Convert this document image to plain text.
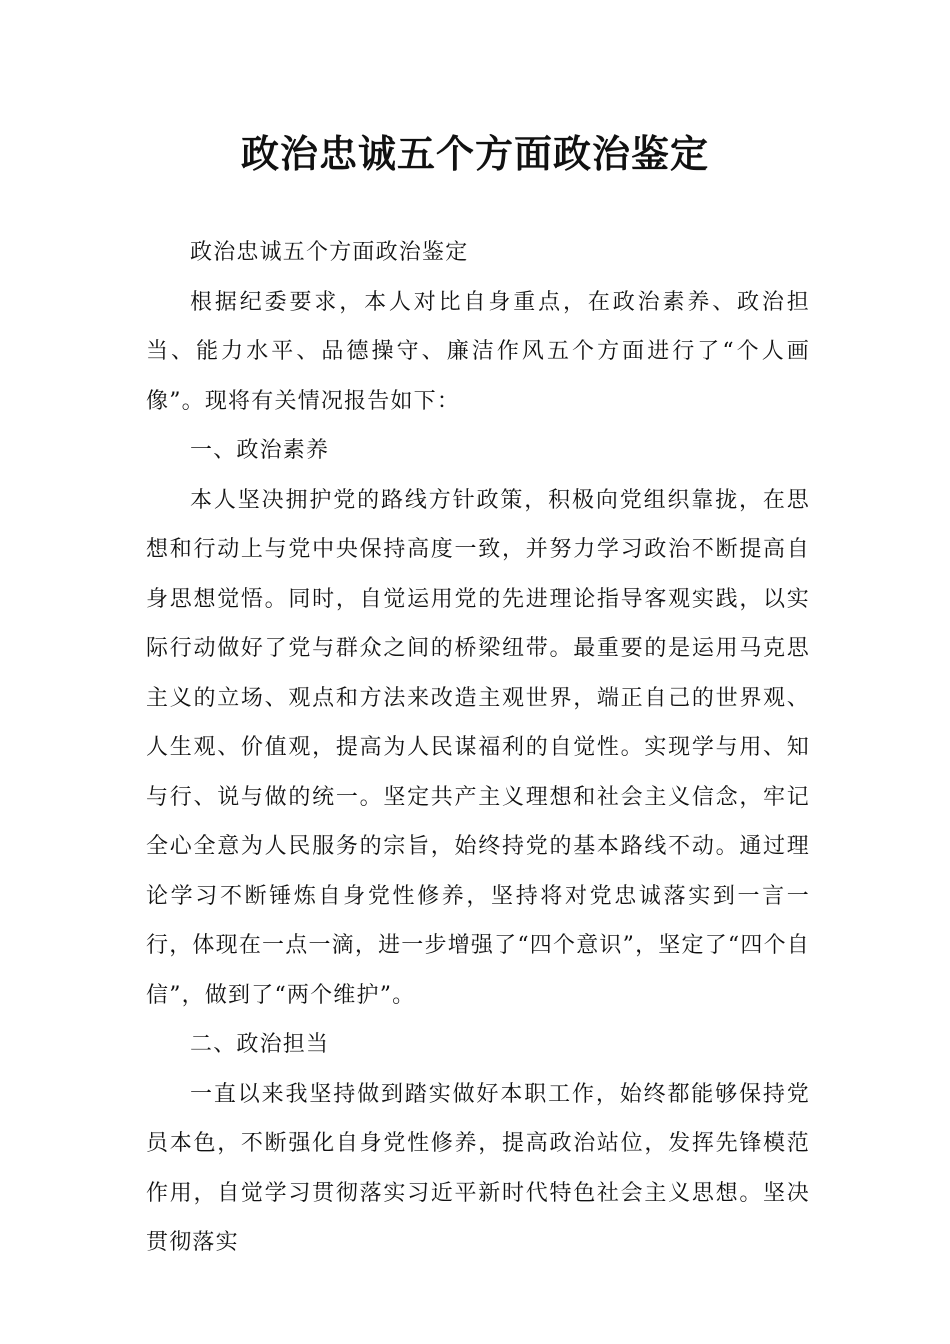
政治忠诚五个方面政治鉴定

政治忠诚五个方面政治鉴定

根据纪委要求，本人对比自身重点，在政治素养、政治担当、能力水平、品德操守、廉洁作风五个方面进行了“个人画像”。现将有关情况报告如下：

一、政治素养

本人坚决拥护党的路线方针政策，积极向党组织靠拢，在思想和行动上与党中央保持高度一致，并努力学习政治不断提高自身思想觉悟。同时，自觉运用党的先进理论指导客观实践，以实际行动做好了党与群众之间的桥梁纽带。最重要的是运用马克思主义的立场、观点和方法来改造主观世界，端正自己的世界观、人生观、价值观，提高为人民谋福利的自觉性。实现学与用、知与行、说与做的统一。坚定共产主义理想和社会主义信念，牢记全心全意为人民服务的宗旨，始终持党的基本路线不动。通过理论学习不断锤炼自身党性修养，坚持将对党忠诚落实到一言一行，体现在一点一滴，进一步增强了“四个意识”，坚定了“四个自信”，做到了“两个维护”。

二、政治担当

一直以来我坚持做到踏实做好本职工作，始终都能够保持党员本色，不断强化自身党性修养，提高政治站位，发挥先锋模范作用，自觉学习贯彻落实习近平新时代特色社会主义思想。坚决贯彻落实
